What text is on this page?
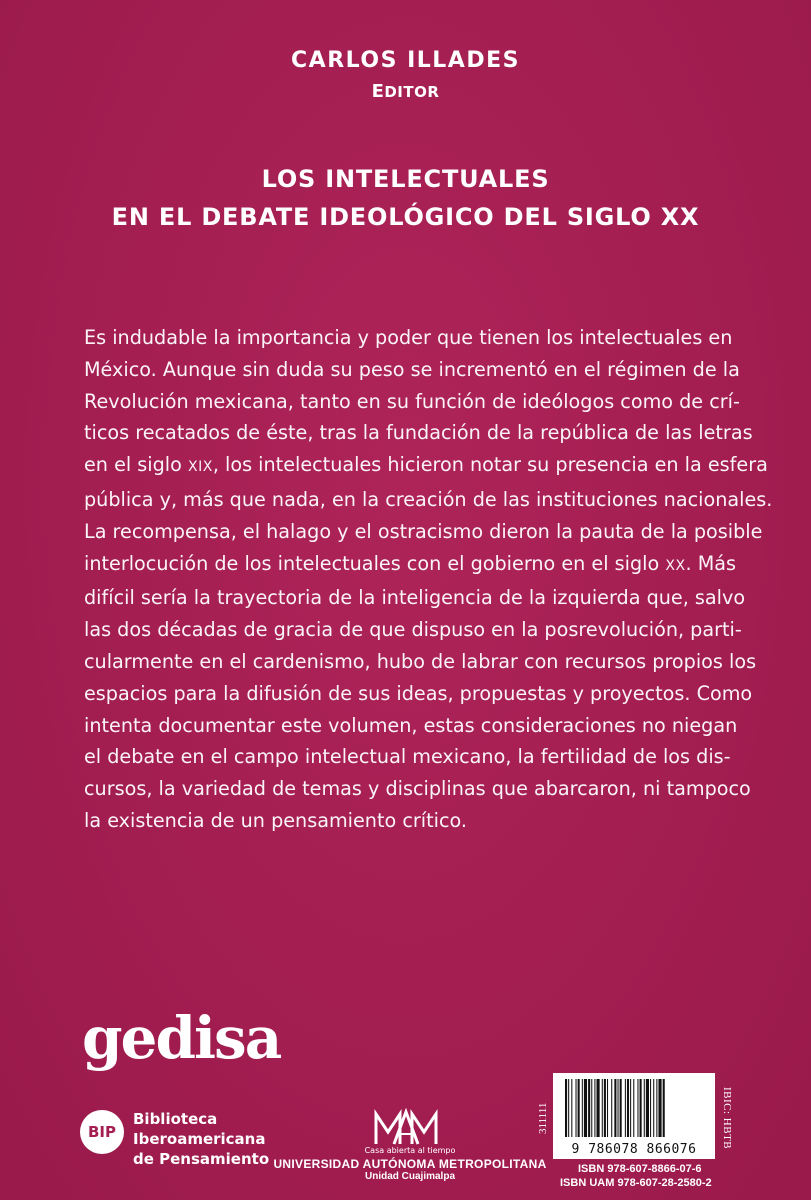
CARLOS ILLADES
EDITOR
LOS INTELECTUALES
EN EL DEBATE IDEOLÓGICO DEL SIGLO XX
Es indudable la importancia y poder que tienen los intelectuales en
México. Aunque sin duda su peso se incrementó en el régimen de la
Revolución mexicana, tanto en su función de ideólogos como de crí-
ticos recatados de éste, tras la fundación de la república de las letras
en el siglo XIX, los intelectuales hicieron notar su presencia en la esfera
pública y, más que nada, en la creación de las instituciones nacionales.
La recompensa, el halago y el ostracismo dieron la pauta de la posible
interlocución de los intelectuales con el gobierno en el siglo XX. Más
difícil sería la trayectoria de la inteligencia de la izquierda que, salvo
las dos décadas de gracia de que dispuso en la posrevolución, parti-
cularmente en el cardenismo, hubo de labrar con recursos propios los
espacios para la difusión de sus ideas, propuestas y proyectos. Como
intenta documentar este volumen, estas consideraciones no niegan
el debate en el campo intelectual mexicano, la fertilidad de los dis-
cursos, la variedad de temas y disciplinas que abarcaron, ni tampoco
la existencia de un pensamiento crítico.
gedisa
BIP
Biblioteca
Iberoamericana
de Pensamiento	Casa abierta al tiempo
UNIVERSIDAD AUTÓNOMA METROPOLITANA
Unidad Cuajimalpa
311111
9 786078 866076
IBIC: HBTB
ISBN 978-607-8866-07-6
ISBN UAM 978-607-28-2580-2
